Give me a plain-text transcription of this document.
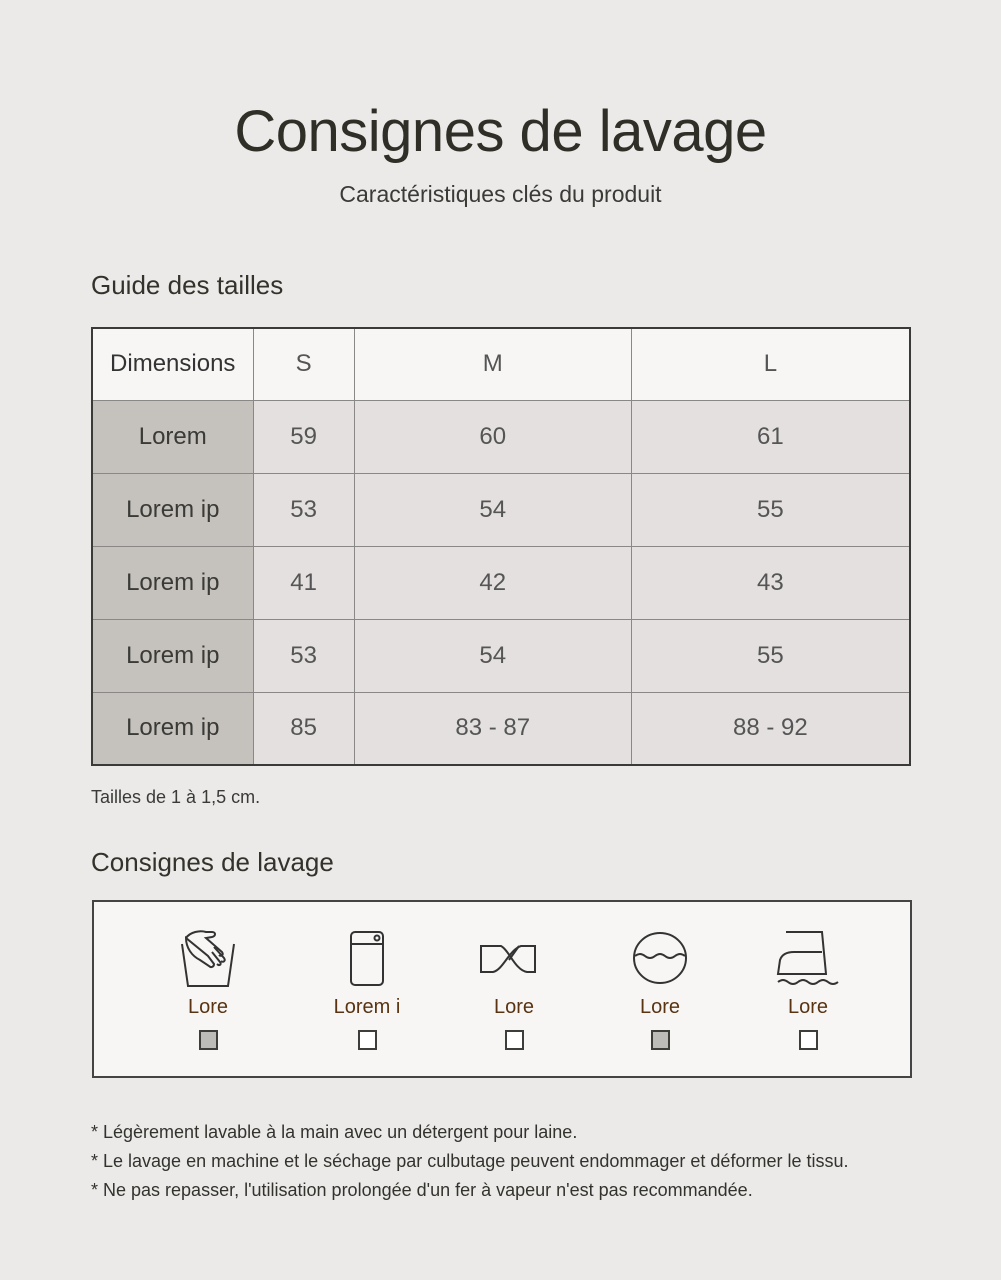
Consignes de lavage
Caractéristiques clés du produit
Guide des tailles
Dimensions	S	M	L
Lorem	59	60	61
Lorem ip	53	54	55
Lorem ip	41	42	43
Lorem ip	53	54	55
Lorem ip	85	83 - 87	88 - 92
Tailles de 1 à 1,5 cm.
Consignes de lavage
Lore	Lorem i	Lore	Lore	Lore
* Légèrement lavable à la main avec un détergent pour laine.
* Le lavage en machine et le séchage par culbutage peuvent endommager et déformer le tissu.
* Ne pas repasser, l'utilisation prolongée d'un fer à vapeur n'est pas recommandée.
